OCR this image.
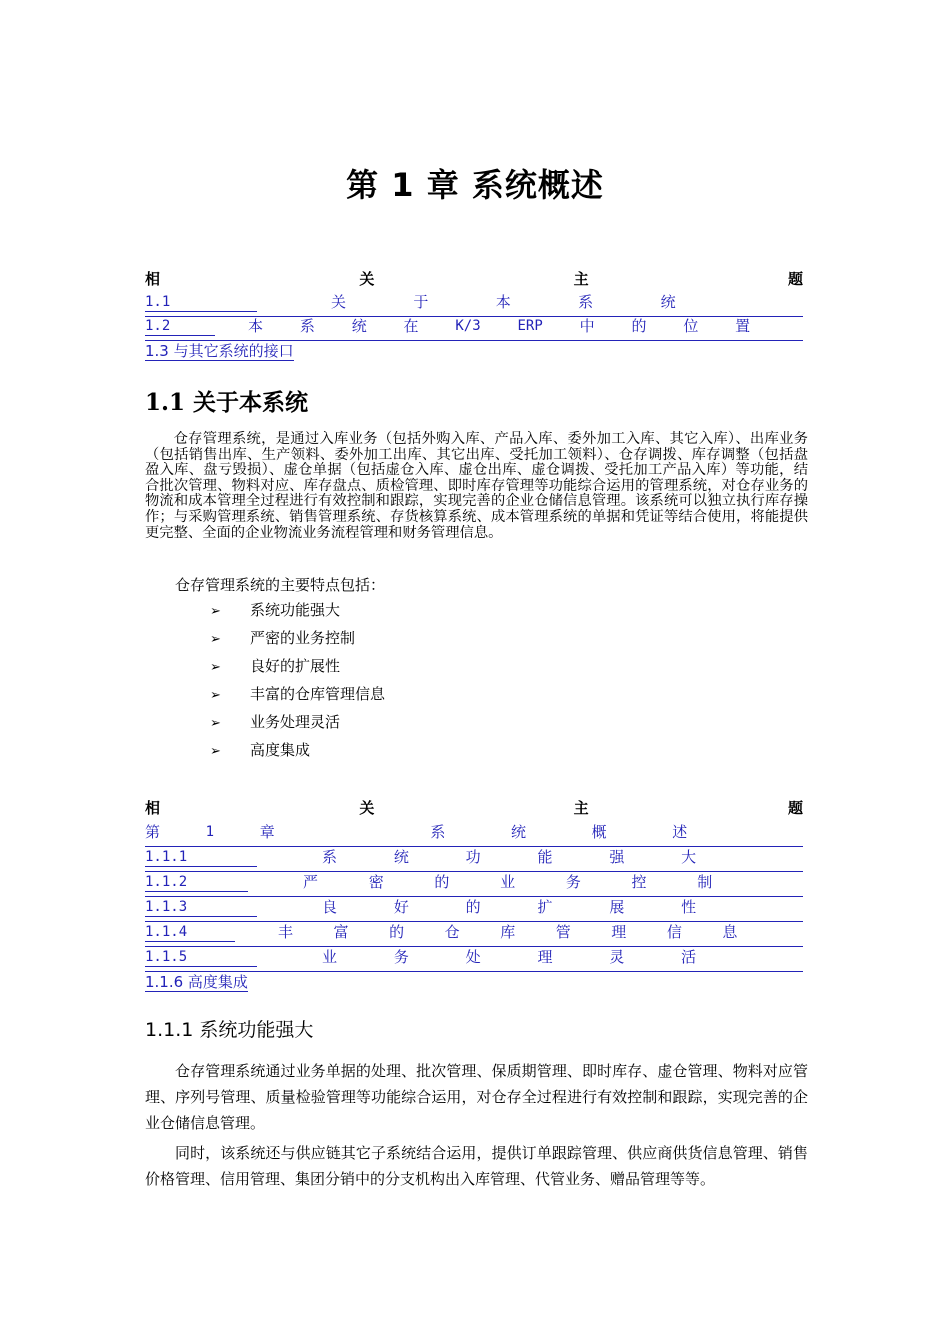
第 1 章 系统概述
相	关	主	题
1.1	关	于	本	系	统
1.2	本 系 统 在	K/3	ERP 中 的 位 置
1.3 与其它系统的接口
1.1 关于本系统
仓存管理系统，是通过入库业务（包括外购入库、产品入库、委外加工入库、其它入库）、出库业务（包括销售出库、生产领料、委外加工出库、其它出库、受托加工领料）、仓存调拨、库存调整（包括盘盈入库、盘亏毁损）、虚仓单据（包括虚仓入库、虚仓出库、虚仓调拨、受托加工产品入库）等功能，结合批次管理、物料对应、库存盘点、质检管理、即时库存管理等功能综合运用的管理系统，对仓存业务的物流和成本管理全过程进行有效控制和跟踪，实现完善的企业仓储信息管理。该系统可以独立执行库存操作；与采购管理系统、销售管理系统、存货核算系统、成本管理系统的单据和凭证等结合使用，将能提供更完整、全面的企业物流业务流程管理和财务管理信息。
仓存管理系统的主要特点包括：
➢ 系统功能强大
➢ 严密的业务控制
➢ 良好的扩展性
➢ 丰富的仓库管理信息
➢ 业务处理灵活
➢ 高度集成
相	关	主	题
第	1	章	系	统	概	述
1.1.1	系	统	功	能	强	大
1.1.2	严	密	的	业	务	控	制
1.1.3	良	好	的	扩	展	性
1.1.4	丰	富	的	仓	库	管	理	信	息
1.1.5	业	务	处	理	灵	活
1.1.6 高度集成
1.1.1 系统功能强大
仓存管理系统通过业务单据的处理、批次管理、保质期管理、即时库存、虚仓管理、物料对应管理、序列号管理、质量检验管理等功能综合运用，对仓存全过程进行有效控制和跟踪，实现完善的企业仓储信息管理。
同时，该系统还与供应链其它子系统结合运用，提供订单跟踪管理、供应商供货信息管理、销售价格管理、信用管理、集团分销中的分支机构出入库管理、代管业务、赠品管理等等。
